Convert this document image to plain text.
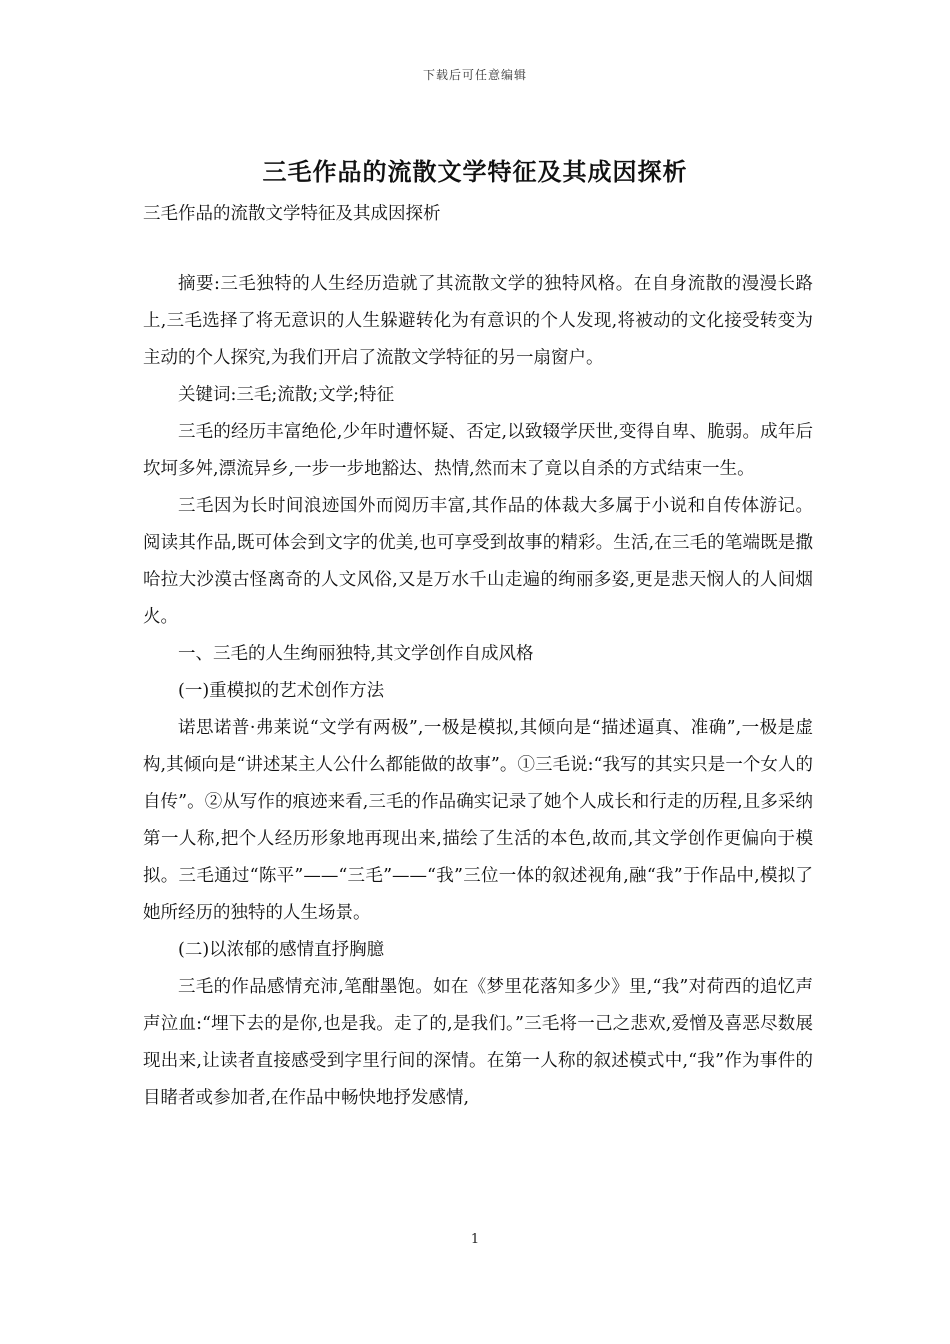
下载后可任意编辑
三毛作品的流散文学特征及其成因探析

三毛作品的流散文学特征及其成因探析

摘要:三毛独特的人生经历造就了其流散文学的独特风格。在自身流散的漫漫长路上,三毛选择了将无意识的人生躲避转化为有意识的个人发现,将被动的文化接受转变为主动的个人探究,为我们开启了流散文学特征的另一扇窗户。

关键词:三毛;流散;文学;特征

三毛的经历丰富绝伦,少年时遭怀疑、否定,以致辍学厌世,变得自卑、脆弱。成年后坎坷多舛,漂流异乡,一步一步地豁达、热情,然而末了竟以自杀的方式结束一生。

三毛因为长时间浪迹国外而阅历丰富,其作品的体裁大多属于小说和自传体游记。阅读其作品,既可体会到文字的优美,也可享受到故事的精彩。生活,在三毛的笔端既是撒哈拉大沙漠古怪离奇的人文风俗,又是万水千山走遍的绚丽多姿,更是悲天悯人的人间烟火。

一、三毛的人生绚丽独特,其文学创作自成风格

(一)重模拟的艺术创作方法

诺思诺普·弗莱说“文学有两极”,一极是模拟,其倾向是“描述逼真、准确”,一极是虚构,其倾向是“讲述某主人公什么都能做的故事”。①三毛说:“我写的其实只是一个女人的自传”。②从写作的痕迹来看,三毛的作品确实记录了她个人成长和行走的历程,且多采纳第一人称,把个人经历形象地再现出来,描绘了生活的本色,故而,其文学创作更偏向于模拟。三毛通过“陈平”——“三毛”——“我”三位一体的叙述视角,融“我”于作品中,模拟了她所经历的独特的人生场景。

(二)以浓郁的感情直抒胸臆

三毛的作品感情充沛,笔酣墨饱。如在《梦里花落知多少》里,“我”对荷西的追忆声声泣血:“埋下去的是你,也是我。走了的,是我们。”三毛将一己之悲欢,爱憎及喜恶尽数展现出来,让读者直接感受到字里行间的深情。在第一人称的叙述模式中,“我”作为事件的目睹者或参加者,在作品中畅快地抒发感情,

1
